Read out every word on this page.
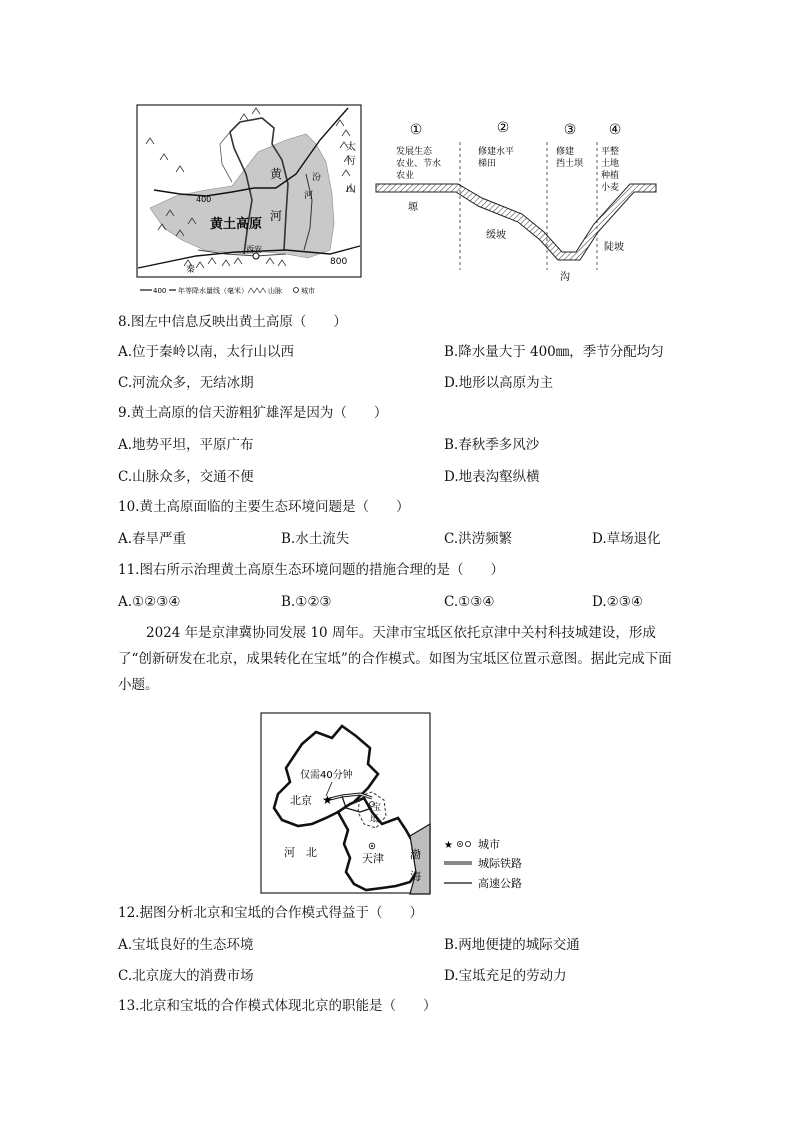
西安
黄
河
汾
河
太
行
山
黄土高原
秦
400
800
400 年等降水量线（毫米）	山脉	城市
①	②	③ ④
发展生态
农业、节水
农业
修建水平
梯田
修建
挡土坝
平整
土地
种植
小麦
塬
缓坡
沟
陡坡
8.图左中信息反映出黄土高原（　　）
A.位于秦岭以南，太行山以西	B.降水量大于 400㎜，季节分配均匀
C.河流众多，无结冰期	D.地形以高原为主
9.黄土高原的信天游粗犷雄浑是因为（　　）
A.地势平坦，平原广布	B.春秋季多风沙
C.山脉众多，交通不便	D.地表沟壑纵横
10.黄土高原面临的主要生态环境问题是（　　）
A.春旱严重	B.水土流失	C.洪涝频繁	D.草场退化
11.图右所示治理黄土高原生态环境问题的措施合理的是（　　）
A.①②③④	B.①②③	C.①③④	D.②③④
2024 年是京津冀协同发展 10 周年。天津市宝坻区依托京津中关村科技城建设，形成了“创新研发在北京，成果转化在宝坻”的合作模式。如图为宝坻区位置示意图。据此完成下面小题。
仅需40分钟
★
北京
宝
坻
河　北	天津 渤
海
★ 城市
城际铁路
高速公路
12.据图分析北京和宝坻的合作模式得益于（　　）
A.宝坻良好的生态环境	B.两地便捷的城际交通
C.北京庞大的消费市场	D.宝坻充足的劳动力
13.北京和宝坻的合作模式体现北京的职能是（　　）
